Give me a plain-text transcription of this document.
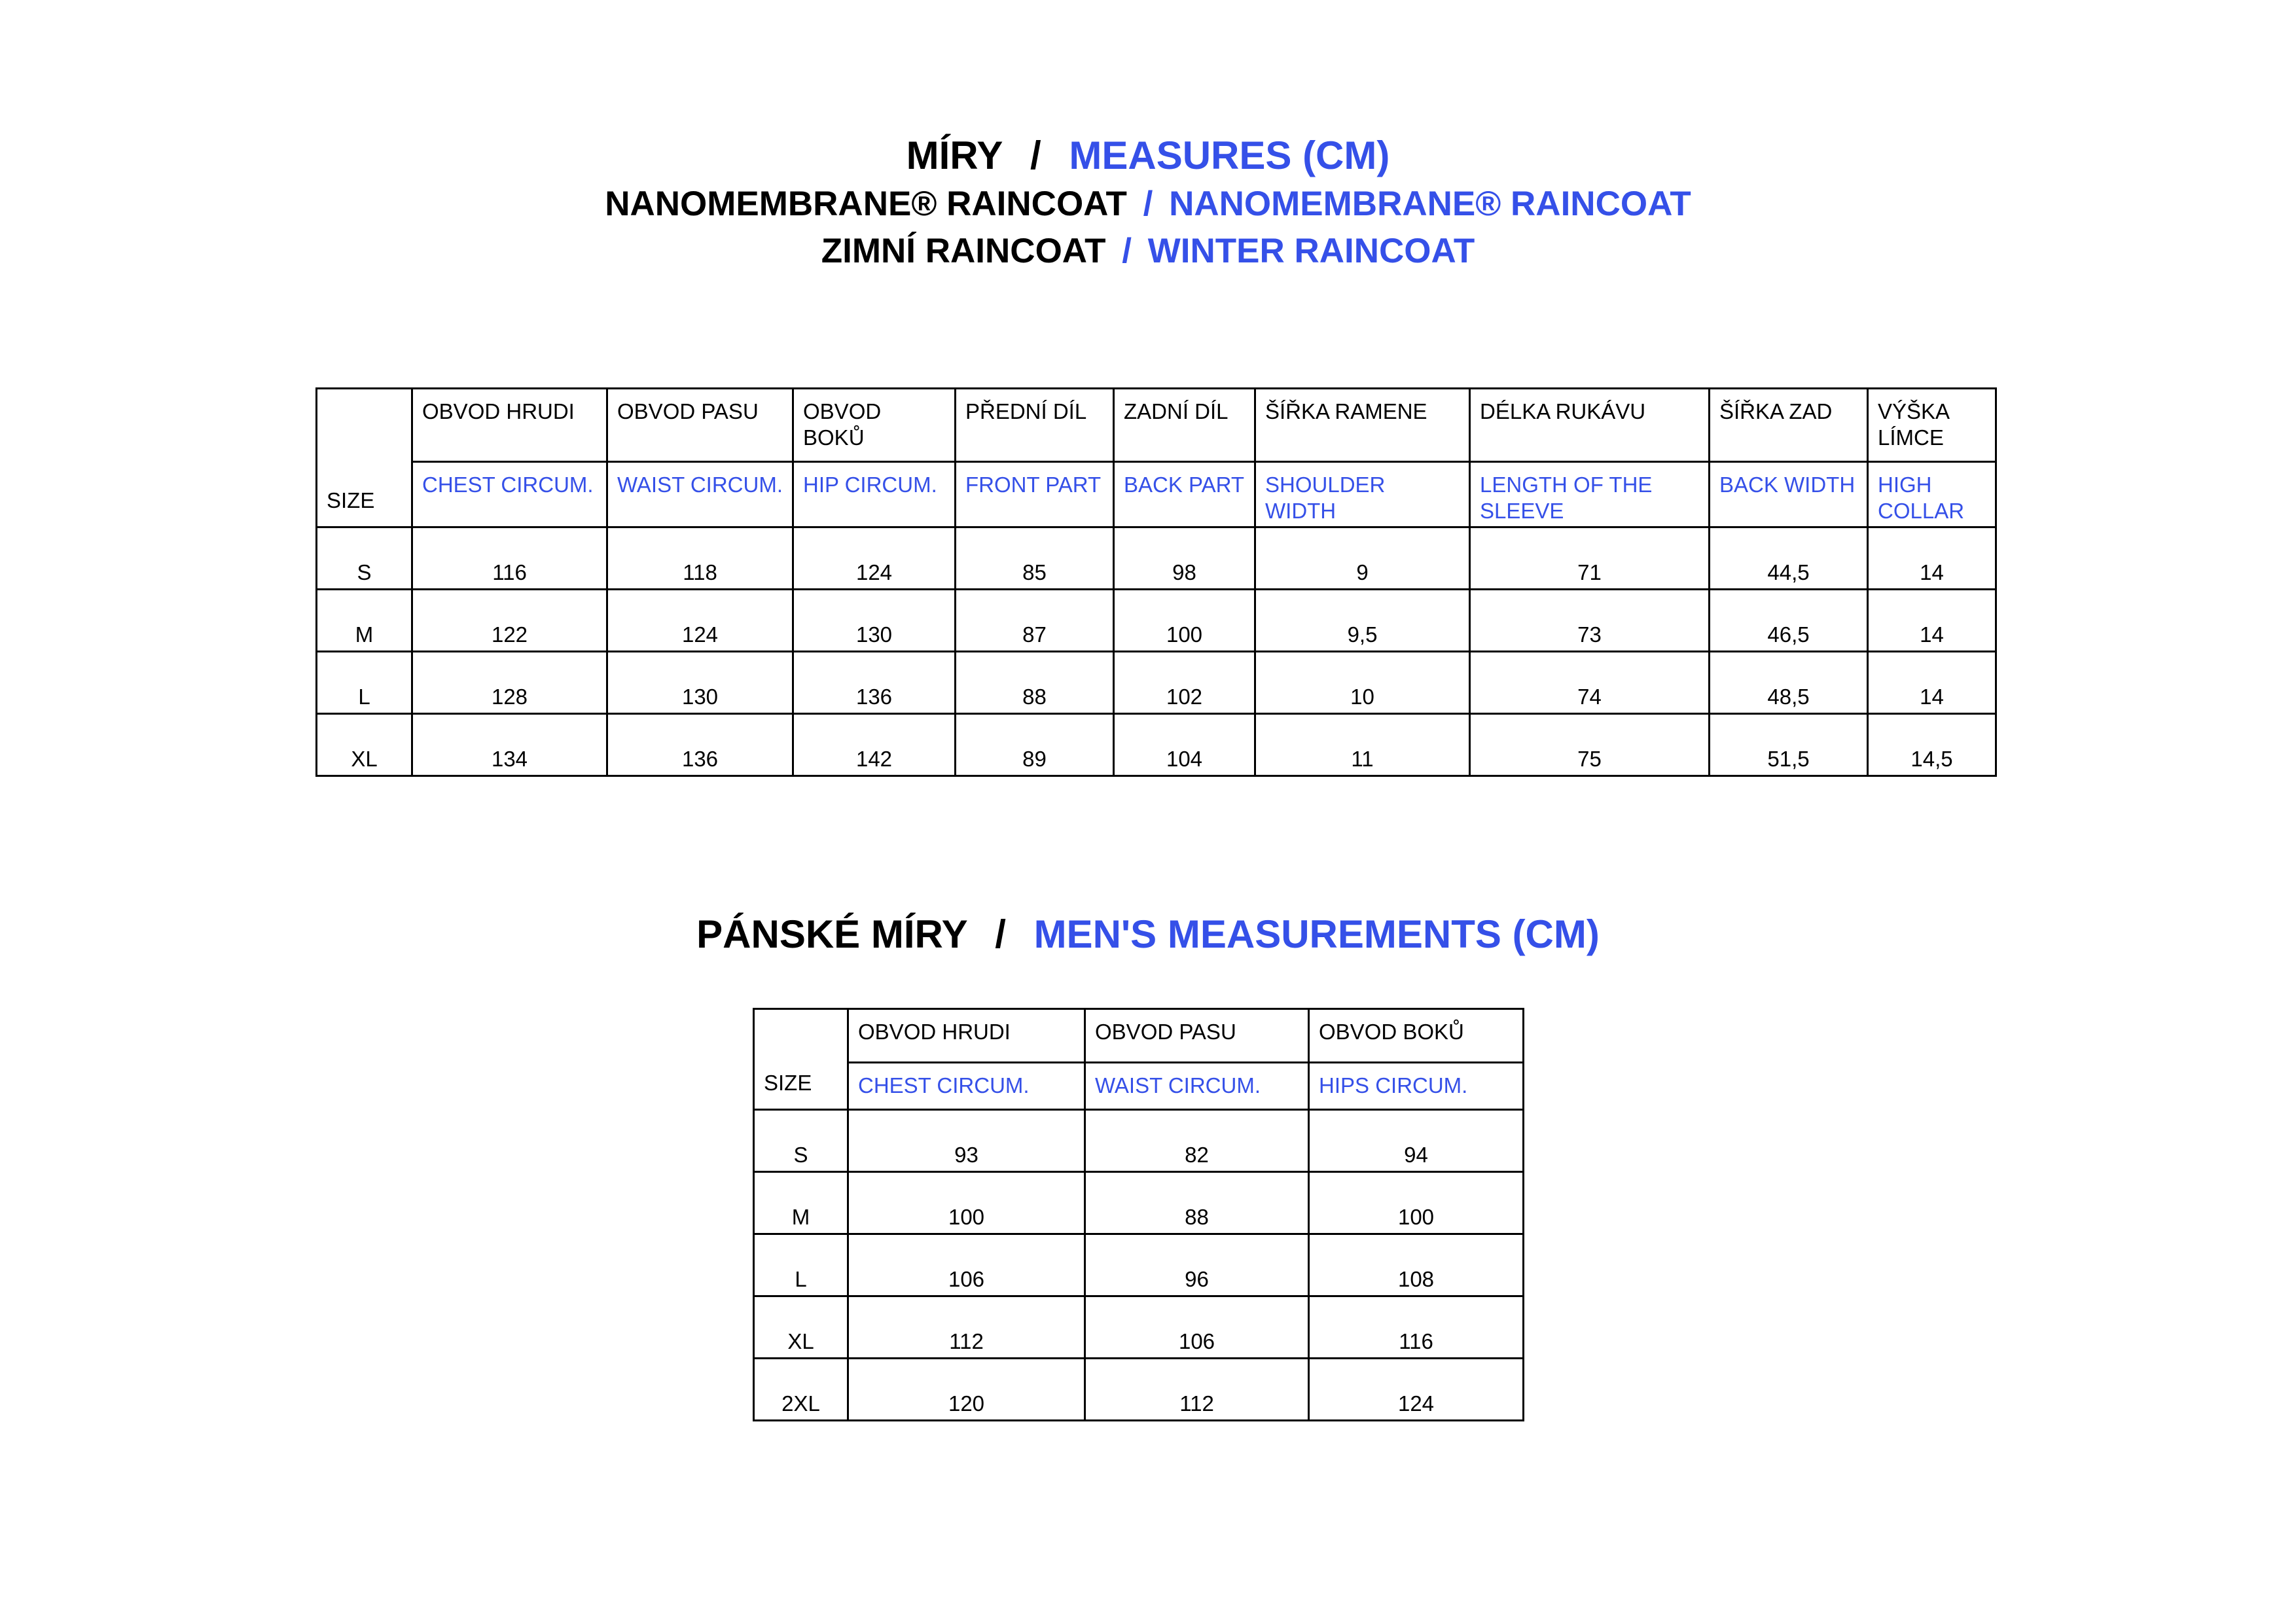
MÍRY / MEASURES (CM)
NANOMEMBRANE® RAINCOAT / NANOMEMBRANE® RAINCOAT
ZIMNÍ RAINCOAT / WINTER RAINCOAT
SIZE	OBVOD HRUDI	OBVOD PASU	OBVOD BOKŮ	PŘEDNÍ DÍL	ZADNÍ DÍL	ŠÍŘKA RAMENE	DÉLKA RUKÁVU	ŠÍŘKA ZAD	VÝŠKA LÍMCE
	CHEST CIRCUM.	WAIST CIRCUM.	HIP CIRCUM.	FRONT PART	BACK PART	SHOULDER WIDTH	LENGTH OF THE SLEEVE	BACK WIDTH	HIGH COLLAR
S	116	118	124	85	98	9	71	44,5	14
M	122	124	130	87	100	9,5	73	46,5	14
L	128	130	136	88	102	10	74	48,5	14
XL	134	136	142	89	104	11	75	51,5	14,5
PÁNSKÉ MÍRY / MEN'S MEASUREMENTS (CM)
SIZE	OBVOD HRUDI	OBVOD PASU	OBVOD BOKŮ
	CHEST CIRCUM.	WAIST CIRCUM.	HIPS CIRCUM.
S	93	82	94
M	100	88	100
L	106	96	108
XL	112	106	116
2XL	120	112	124
